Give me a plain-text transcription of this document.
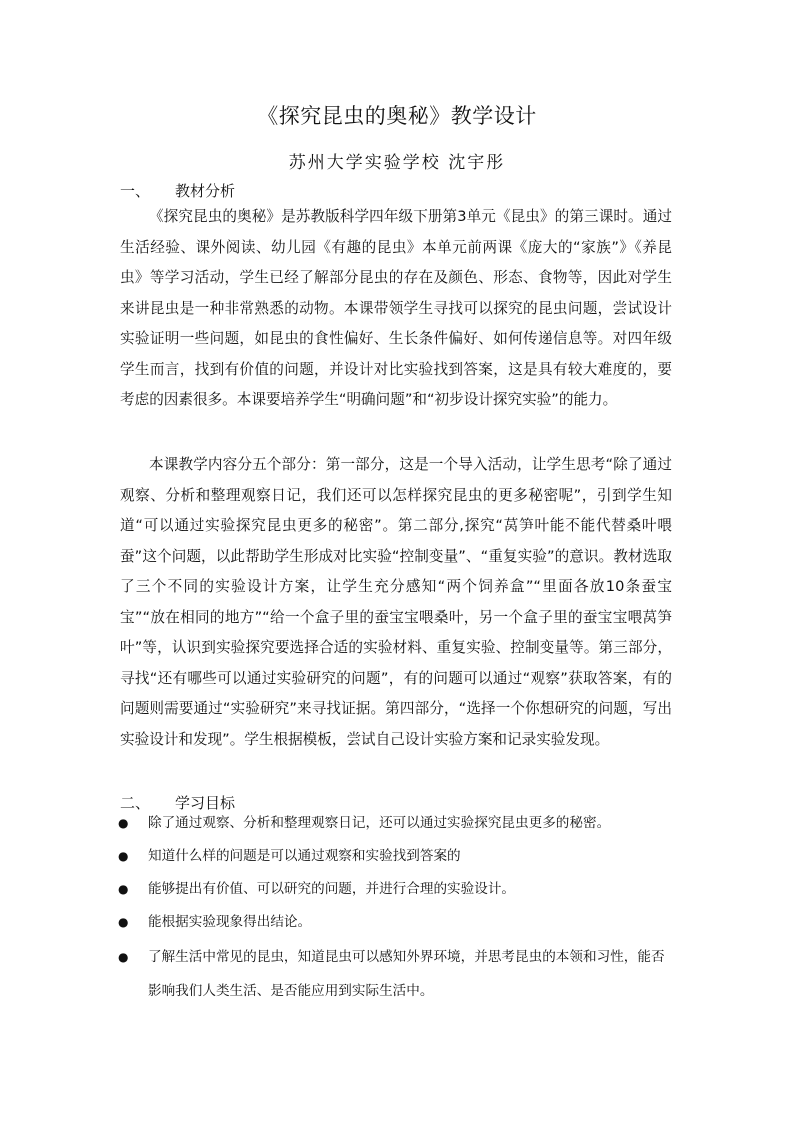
《探究昆虫的奥秘》教学设计
苏州大学实验学校 沈宇彤
一、 教材分析

《探究昆虫的奥秘》是苏教版科学四年级下册第3单元《昆虫》的第三课时。通过生活经验、课外阅读、幼儿园《有趣的昆虫》本单元前两课《庞大的“家族”》《养昆虫》等学习活动，学生已经了解部分昆虫的存在及颜色、形态、食物等，因此对学生来讲昆虫是一种非常熟悉的动物。本课带领学生寻找可以探究的昆虫问题，尝试设计实验证明一些问题，如昆虫的食性偏好、生长条件偏好、如何传递信息等。对四年级学生而言，找到有价值的问题，并设计对比实验找到答案，这是具有较大难度的，要考虑的因素很多。本课要培养学生“明确问题”和“初步设计探究实验”的能力。

本课教学内容分五个部分：第一部分，这是一个导入活动，让学生思考“除了通过观察、分析和整理观察日记，我们还可以怎样探究昆虫的更多秘密呢”，引到学生知道“可以通过实验探究昆虫更多的秘密”。第二部分,探究“莴笋叶能不能代替桑叶喂蚕”这个问题，以此帮助学生形成对比实验“控制变量”、“重复实验”的意识。教材选取了三个不同的实验设计方案，让学生充分感知“两个饲养盒”“里面各放10条蚕宝宝”“放在相同的地方”“给一个盒子里的蚕宝宝喂桑叶，另一个盒子里的蚕宝宝喂莴笋叶”等，认识到实验探究要选择合适的实验材料、重复实验、控制变量等。第三部分，寻找“还有哪些可以通过实验研究的问题”，有的问题可以通过“观察”获取答案，有的问题则需要通过“实验研究”来寻找证据。第四部分，“选择一个你想研究的问题，写出实验设计和发现”。学生根据模板，尝试自己设计实验方案和记录实验发现。

二、 学习目标
● 除了通过观察、分析和整理观察日记，还可以通过实验探究昆虫更多的秘密。
● 知道什么样的问题是可以通过观察和实验找到答案的
● 能够提出有价值、可以研究的问题，并进行合理的实验设计。
● 能根据实验现象得出结论。
● 了解生活中常见的昆虫，知道昆虫可以感知外界环境，并思考昆虫的本领和习性，能否影响我们人类生活、是否能应用到实际生活中。
